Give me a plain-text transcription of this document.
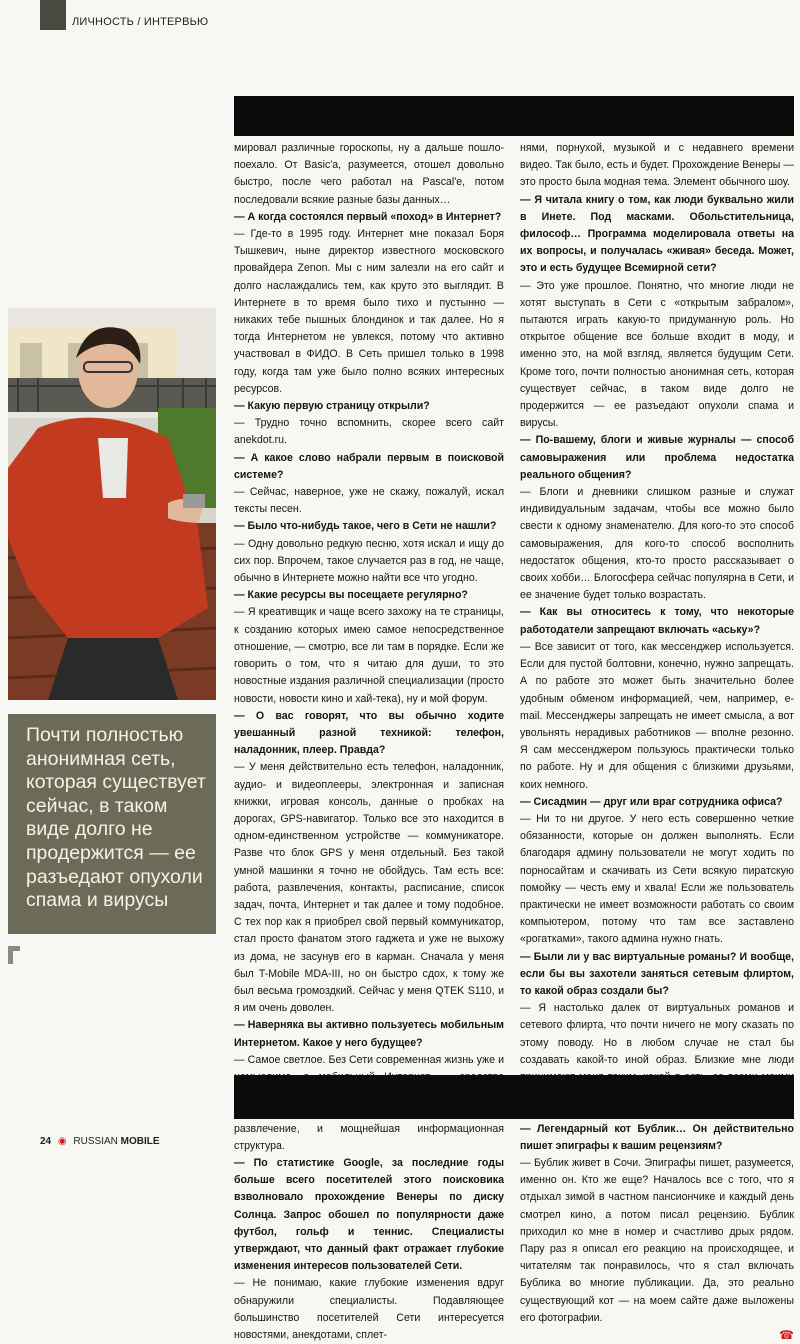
ЛИЧНОСТЬ / ИНТЕРВЬЮ
Почти полностью анонимная сеть, которая существует сейчас, в таком виде долго не продержится — ее разъедают опухоли спама и вирусы

мировал различные гороскопы, ну а дальше пошло-поехало. От Basic'a, разумеется, отошел довольно быстро, после чего работал на Pascal'е, потом последовали всякие разные базы данных…

— А когда состоялся первый «поход» в Интернет?

— Где-то в 1995 году. Интернет мне показал Боря Тышкевич, ныне директор известного московского провайдера Zenon. Мы с ним залезли на его сайт и долго наслаждались тем, как круто это выглядит. В Интернете в то время было тихо и пустынно — никаких тебе пышных блондинок и так далее. Но я тогда Интернетом не увлекся, потому что активно участвовал в ФИДО. В Сеть пришел только в 1998 году, когда там уже было полно всяких интересных ресурсов.

— Какую первую страницу открыли?

— Трудно точно вспомнить, скорее всего сайт anekdot.ru.

— А какое слово набрали первым в поисковой системе?

— Сейчас, наверное, уже не скажу, пожалуй, искал тексты песен.

— Было что-нибудь такое, чего в Сети не нашли?

— Одну довольно редкую песню, хотя искал и ищу до сих пор. Впрочем, такое случается раз в год, не чаще, обычно в Интернете можно найти все что угодно.

— Какие ресурсы вы посещаете регулярно?

— Я креативщик и чаще всего захожу на те страницы, к созданию которых имею самое непосредственное отношение, — смотрю, все ли там в порядке. Если же говорить о том, что я читаю для души, то это новостные издания различной специализации (просто новости, новости кино и хай-тека), ну и мой форум.

— О вас говорят, что вы обычно ходите увешанный разной техникой: телефон, наладонник, плеер. Правда?

— У меня действительно есть телефон, наладонник, аудио- и видеоплееры, электронная и записная книжки, игровая консоль, данные о пробках на дорогах, GPS-навигатор. Только все это находится в одном-единственном устройстве — коммуникаторе. Разве что блок GPS у меня отдельный. Без такой умной машинки я точно не обойдусь. Там есть все: работа, развлечения, контакты, расписание, список задач, почта, Интернет и так далее и тому подобное. С тех пор как я приобрел свой первый коммуникатор, стал просто фанатом этого гаджета и уже не выхожу из дома, не засунув его в карман. Сначала у меня был T-Mobile MDA-III, но он быстро сдох, к тому же был весьма громоздкий. Сейчас у меня QTEK S110, и я им очень доволен.

— Наверняка вы активно пользуетесь мобильным Интернетом. Какое у него будущее?

— Самое светлое. Без Сети современная жизнь уже и развлечение, и мощнейшая информационная структура.

— По статистике Google, за последние годы больше всего посетителей этого поисковика взволновало прохождение Венеры по диску Солнца. Запрос обошел по популярности даже футбол, гольф и теннис. Специалисты утверждают, что данный факт отражает глубокие изменения интересов пользователей Сети.

— Не понимаю, какие глубокие изменения вдруг обнаружили специалисты. Подавляющее большинство посетителей Сети интересуется новостями, анекдотами, сплет-

нями, порнухой, музыкой и с недавнего времени видео. Так было, есть и будет. Прохождение Венеры — это просто была модная тема. Элемент обычного шоу.

— Я читала книгу о том, как люди буквально жили в Инете. Под масками. Обольстительница, философ… Программа моделировала ответы на их вопросы, и получалась «живая» беседа. Может, это и есть будущее Всемирной сети?

— Это уже прошлое. Понятно, что многие люди не хотят выступать в Сети с «открытым забралом», пытаются играть какую-то придуманную роль. Но открытое общение все больше входит в моду, и именно это, на мой взгляд, является будущим Сети. Кроме того, почти полностью анонимная сеть, которая существует сейчас, в таком виде долго не продержится — ее разъедают опухоли спама и вирусы.

— По-вашему, блоги и живые журналы — способ самовыражения или проблема недостатка реального общения?

— Блоги и дневники слишком разные и служат индивидуальным задачам, чтобы все можно было свести к одному знаменателю. Для кого-то это способ самовыражения, для кого-то способ восполнить недостаток общения, кто-то просто рассказывает о своих хобби… Блогосфера сейчас популярна в Сети, и ее значение будет только возрастать.

— Как вы относитесь к тому, что некоторые работодатели запрещают включать «аську»?

— Все зависит от того, как мессенджер используется. Если для пустой болтовни, конечно, нужно запрещать. А по работе это может быть значительно более удобным обменом информацией, чем, например, e-mail. Мессенджеры запрещать не имеет смысла, а вот увольнять нерадивых работников — вполне резонно. Я сам мессенджером пользуюсь практически только по работе. Ну и для общения с близкими друзьями, коих немного.

— Сисадмин — друг или враг сотрудника офиса?

— Ни то ни другое. У него есть совершенно четкие обязанности, которые он должен выполнять. Если благодаря админу пользователи не могут ходить по порносайтам и скачивать из Сети всякую пиратскую помойку — честь ему и хвала! Если же пользователь практически не имеет возможности работать со своим компьютером, потому что там все заставлено «рогатками», такого админа нужно гнать.

— Были ли у вас виртуальные романы? И вообще, если бы вы захотели заняться сетевым флиртом, то какой образ создали бы?

— Я настолько далек от виртуальных романов и сетевого флирта, что почти ничего не могу сказать по этому поводу. Но в любом случае не стал бы создавать какой-то иной образ. Близкие мне люди

— Легендарный кот Бублик… Он действительно пишет эпиграфы к вашим рецензиям?

— Бублик живет в Сочи. Эпиграфы пишет, разумеется, именно он. Кто же еще? Началось все с того, что я отдыхал зимой в частном пансиончике и каждый день смотрел кино, а потом писал рецензию. Бублик приходил ко мне в номер и счастливо дрых рядом. Пару раз я описал его реакцию на происходящее, и читателям так понравилось, что я стал включать Бублика во многие публикации. Да, это реально существующий кот — на моем сайте даже выложены его фотографии.

☎
24 ◉ RUSSIAN MOBILE
